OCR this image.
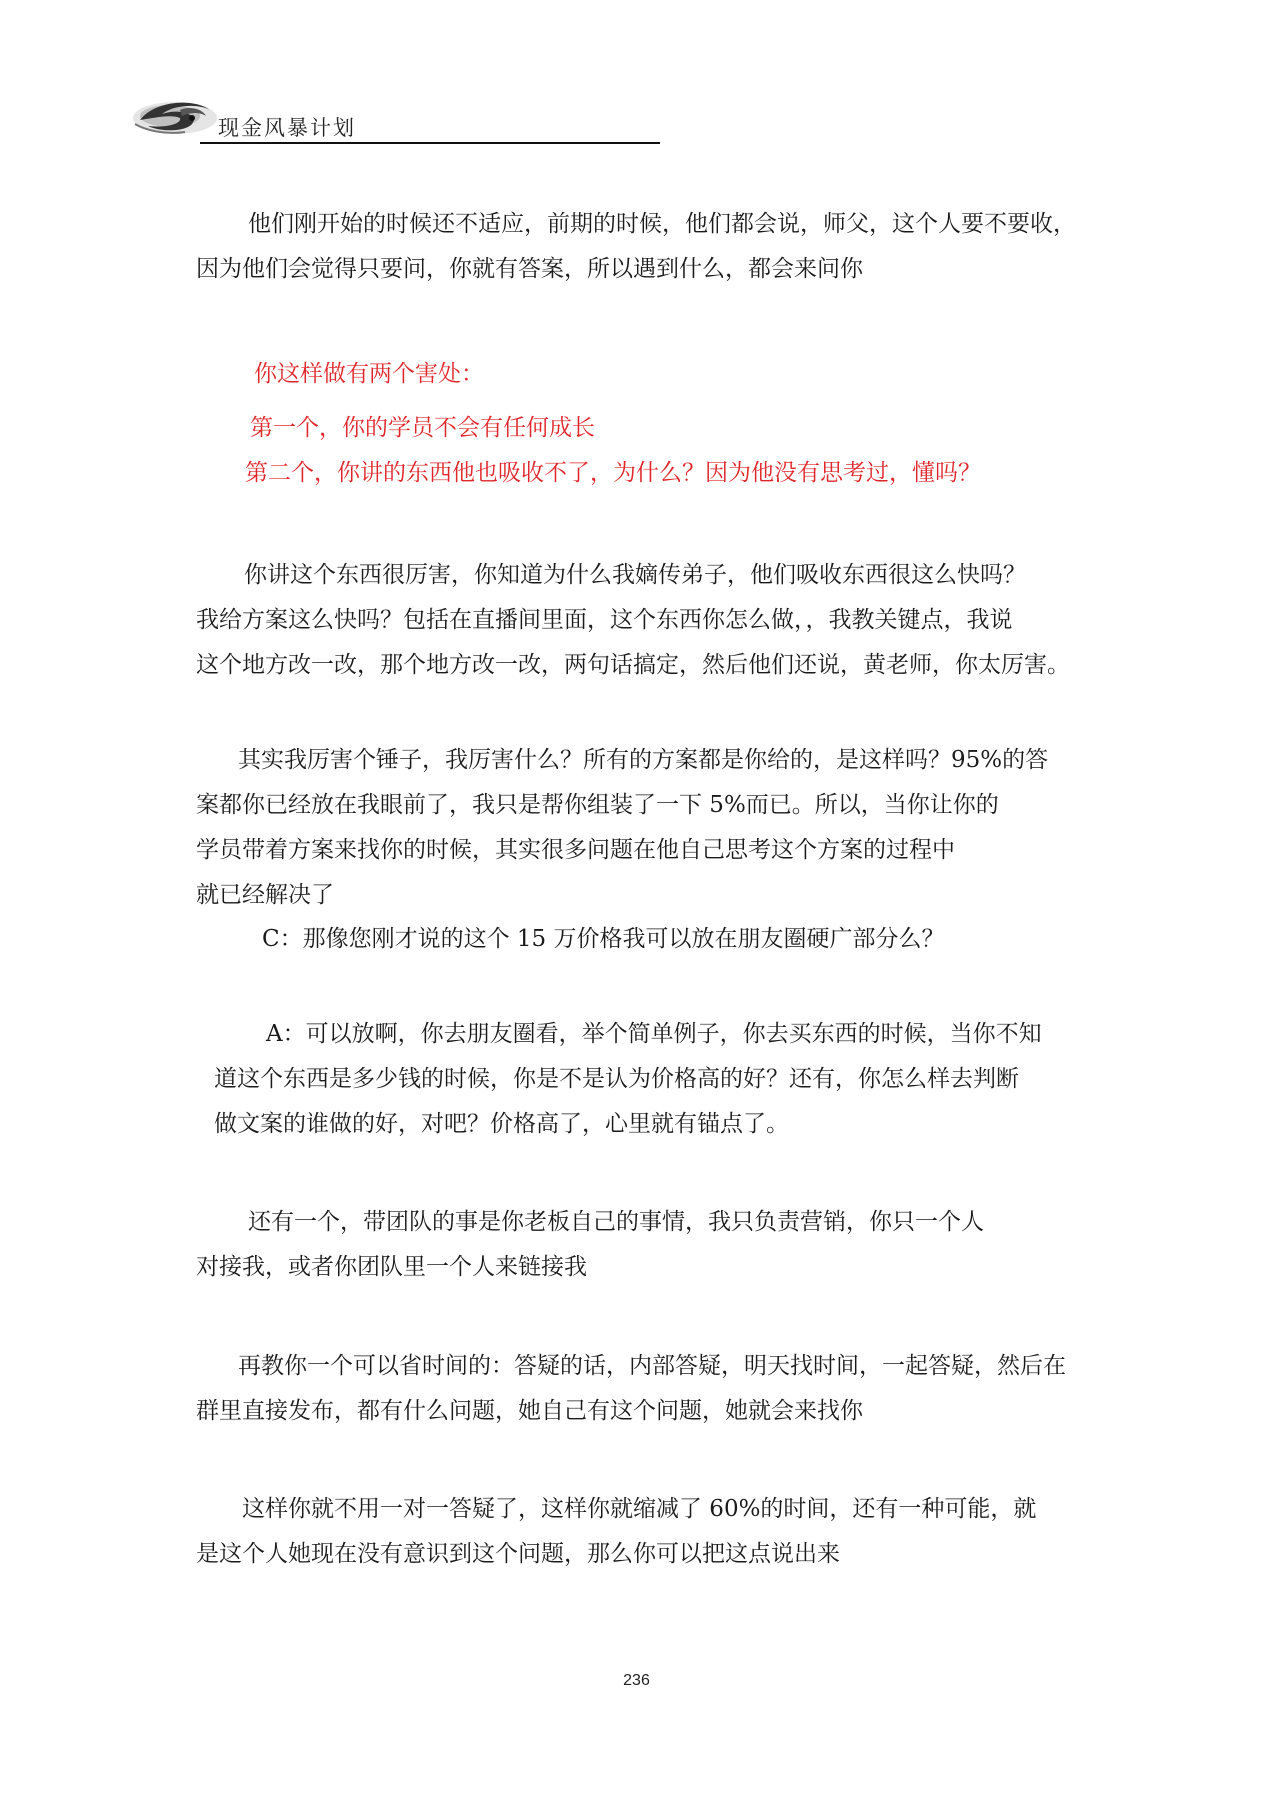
现金风暴计划
他们刚开始的时候还不适应，前期的时候，他们都会说，师父，这个人要不要收，
因为他们会觉得只要问，你就有答案，所以遇到什么，都会来问你
你这样做有两个害处：
第一个，你的学员不会有任何成长
第二个，你讲的东西他也吸收不了，为什么？因为他没有思考过，懂吗？
你讲这个东西很厉害，你知道为什么我嫡传弟子，他们吸收东西很这么快吗？
我给方案这么快吗？包括在直播间里面，这个东西你怎么做，，我教关键点，我说
这个地方改一改，那个地方改一改，两句话搞定，然后他们还说，黄老师，你太厉害。
其实我厉害个锤子，我厉害什么？所有的方案都是你给的，是这样吗？95%的答
案都你已经放在我眼前了，我只是帮你组装了一下 5%而已。所以，当你让你的
学员带着方案来找你的时候，其实很多问题在他自己思考这个方案的过程中
就已经解决了
C：那像您刚才说的这个 15 万价格我可以放在朋友圈硬广部分么？
A：可以放啊，你去朋友圈看，举个简单例子，你去买东西的时候，当你不知
道这个东西是多少钱的时候，你是不是认为价格高的好？还有，你怎么样去判断
做文案的谁做的好，对吧？价格高了，心里就有锚点了。
还有一个，带团队的事是你老板自己的事情，我只负责营销，你只一个人
对接我，或者你团队里一个人来链接我
再教你一个可以省时间的：答疑的话，内部答疑，明天找时间，一起答疑，然后在
群里直接发布，都有什么问题，她自己有这个问题，她就会来找你
这样你就不用一对一答疑了，这样你就缩减了 60%的时间，还有一种可能，就
是这个人她现在没有意识到这个问题，那么你可以把这点说出来
236
